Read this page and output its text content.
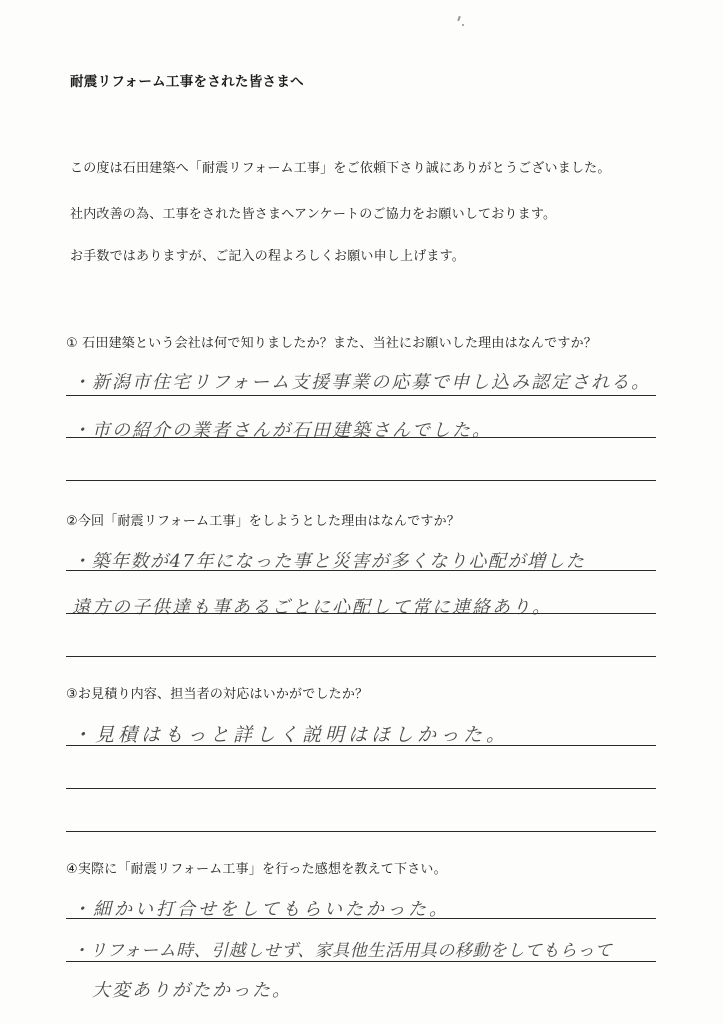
耐震リフォーム工事をされた皆さまへ
この度は石田建築へ「耐震リフォーム工事」をご依頼下さり誠にありがとうございました。
社内改善の為、工事をされた皆さまへアンケートのご協力をお願いしております。
お手数ではありますが、ご記入の程よろしくお願い申し上げます。
① 石田建築という会社は何で知りましたか？また、当社にお願いした理由はなんですか？
・新潟市住宅リフォーム支援事業の応募で申し込み認定される。
・市の紹介の業者さんが石田建築さんでした。
②今回「耐震リフォーム工事」をしようとした理由はなんですか？
・築年数が47年になった事と災害が多くなり心配が増した
遠方の子供達も事あるごとに心配して常に連絡あり。
③お見積り内容、担当者の対応はいかがでしたか？
・見積はもっと詳しく説明はほしかった。
④実際に「耐震リフォーム工事」を行った感想を教えて下さい。
・細かい打合せをしてもらいたかった。
・リフォーム時、引越しせず、家具他生活用具の移動をしてもらって
大変ありがたかった。
